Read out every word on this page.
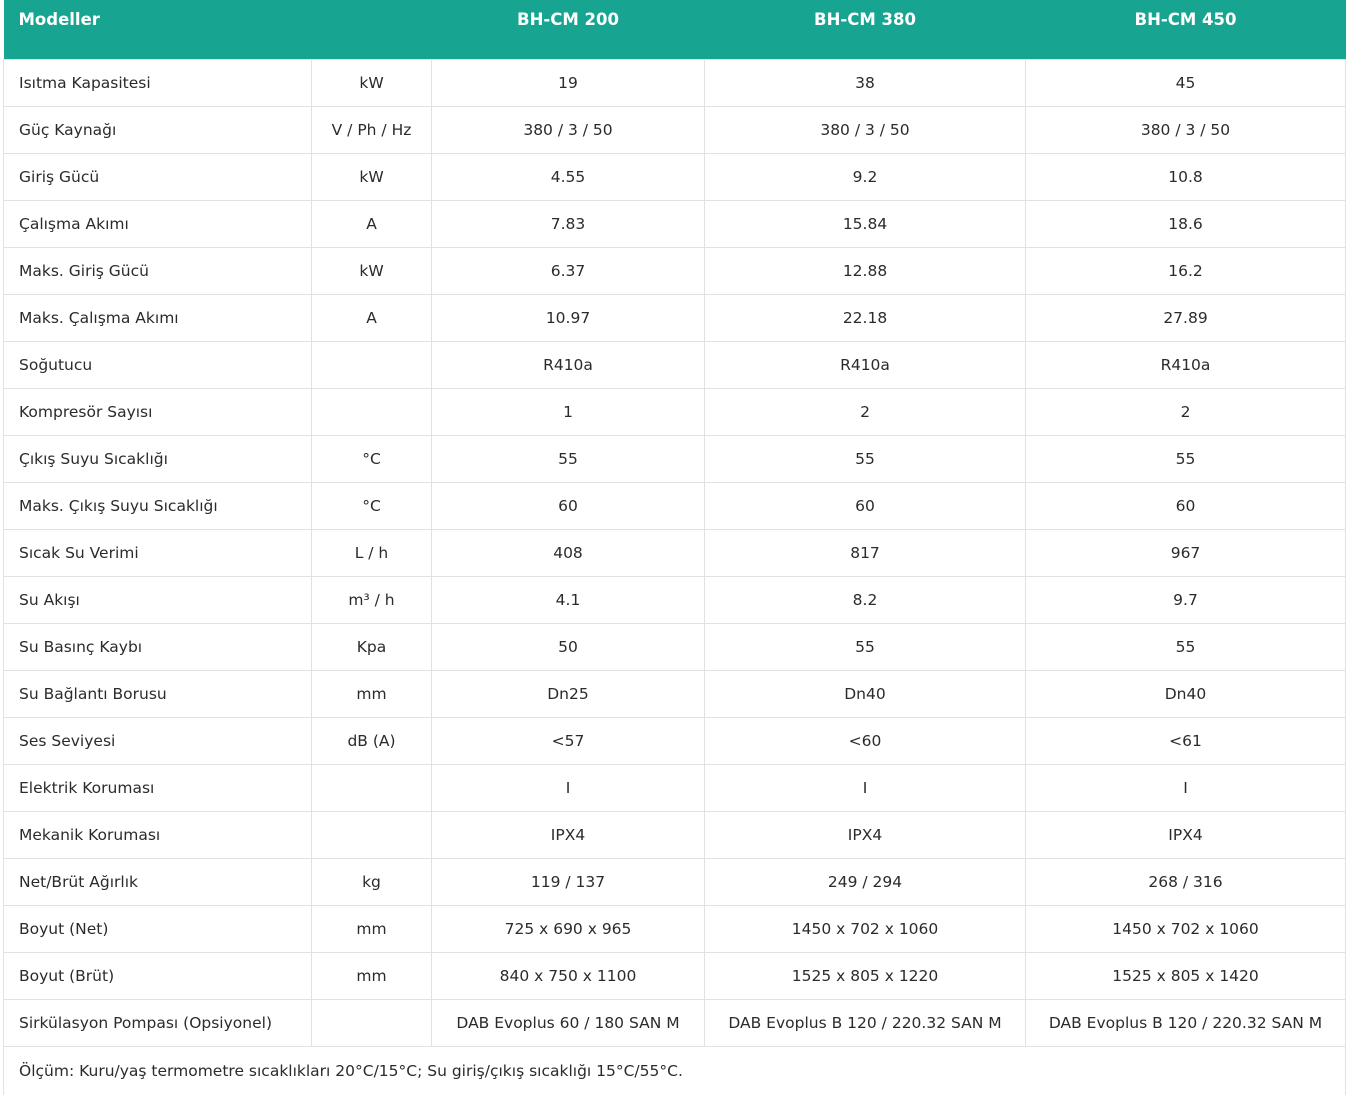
Modeller		BH-CM 200	BH-CM 380	BH-CM 450
Isıtma Kapasitesi	kW	19	38	45
Güç Kaynağı	V / Ph / Hz	380 / 3 / 50	380 / 3 / 50	380 / 3 / 50
Giriş Gücü	kW	4.55	9.2	10.8
Çalışma Akımı	A	7.83	15.84	18.6
Maks. Giriş Gücü	kW	6.37	12.88	16.2
Maks. Çalışma Akımı	A	10.97	22.18	27.89
Soğutucu		R410a	R410a	R410a
Kompresör Sayısı		1	2	2
Çıkış Suyu Sıcaklığı	°C	55	55	55
Maks. Çıkış Suyu Sıcaklığı	°C	60	60	60
Sıcak Su Verimi	L / h	408	817	967
Su Akışı	m³ / h	4.1	8.2	9.7
Su Basınç Kaybı	Kpa	50	55	55
Su Bağlantı Borusu	mm	Dn25	Dn40	Dn40
Ses Seviyesi	dB (A)	<57	<60	<61
Elektrik Koruması		I	I	I
Mekanik Koruması		IPX4	IPX4	IPX4
Net/Brüt Ağırlık	kg	119 / 137	249 / 294	268 / 316
Boyut (Net)	mm	725 x 690 x 965	1450 x 702 x 1060	1450 x 702 x 1060
Boyut (Brüt)	mm	840 x 750 x 1100	1525 x 805 x 1220	1525 x 805 x 1420
Sirkülasyon Pompası (Opsiyonel)		DAB Evoplus 60 / 180 SAN M	DAB Evoplus B 120 / 220.32 SAN M	DAB Evoplus B 120 / 220.32 SAN M
Ölçüm: Kuru/yaş termometre sıcaklıkları 20°C/15°C; Su giriş/çıkış sıcaklığı 15°C/55°C.				
